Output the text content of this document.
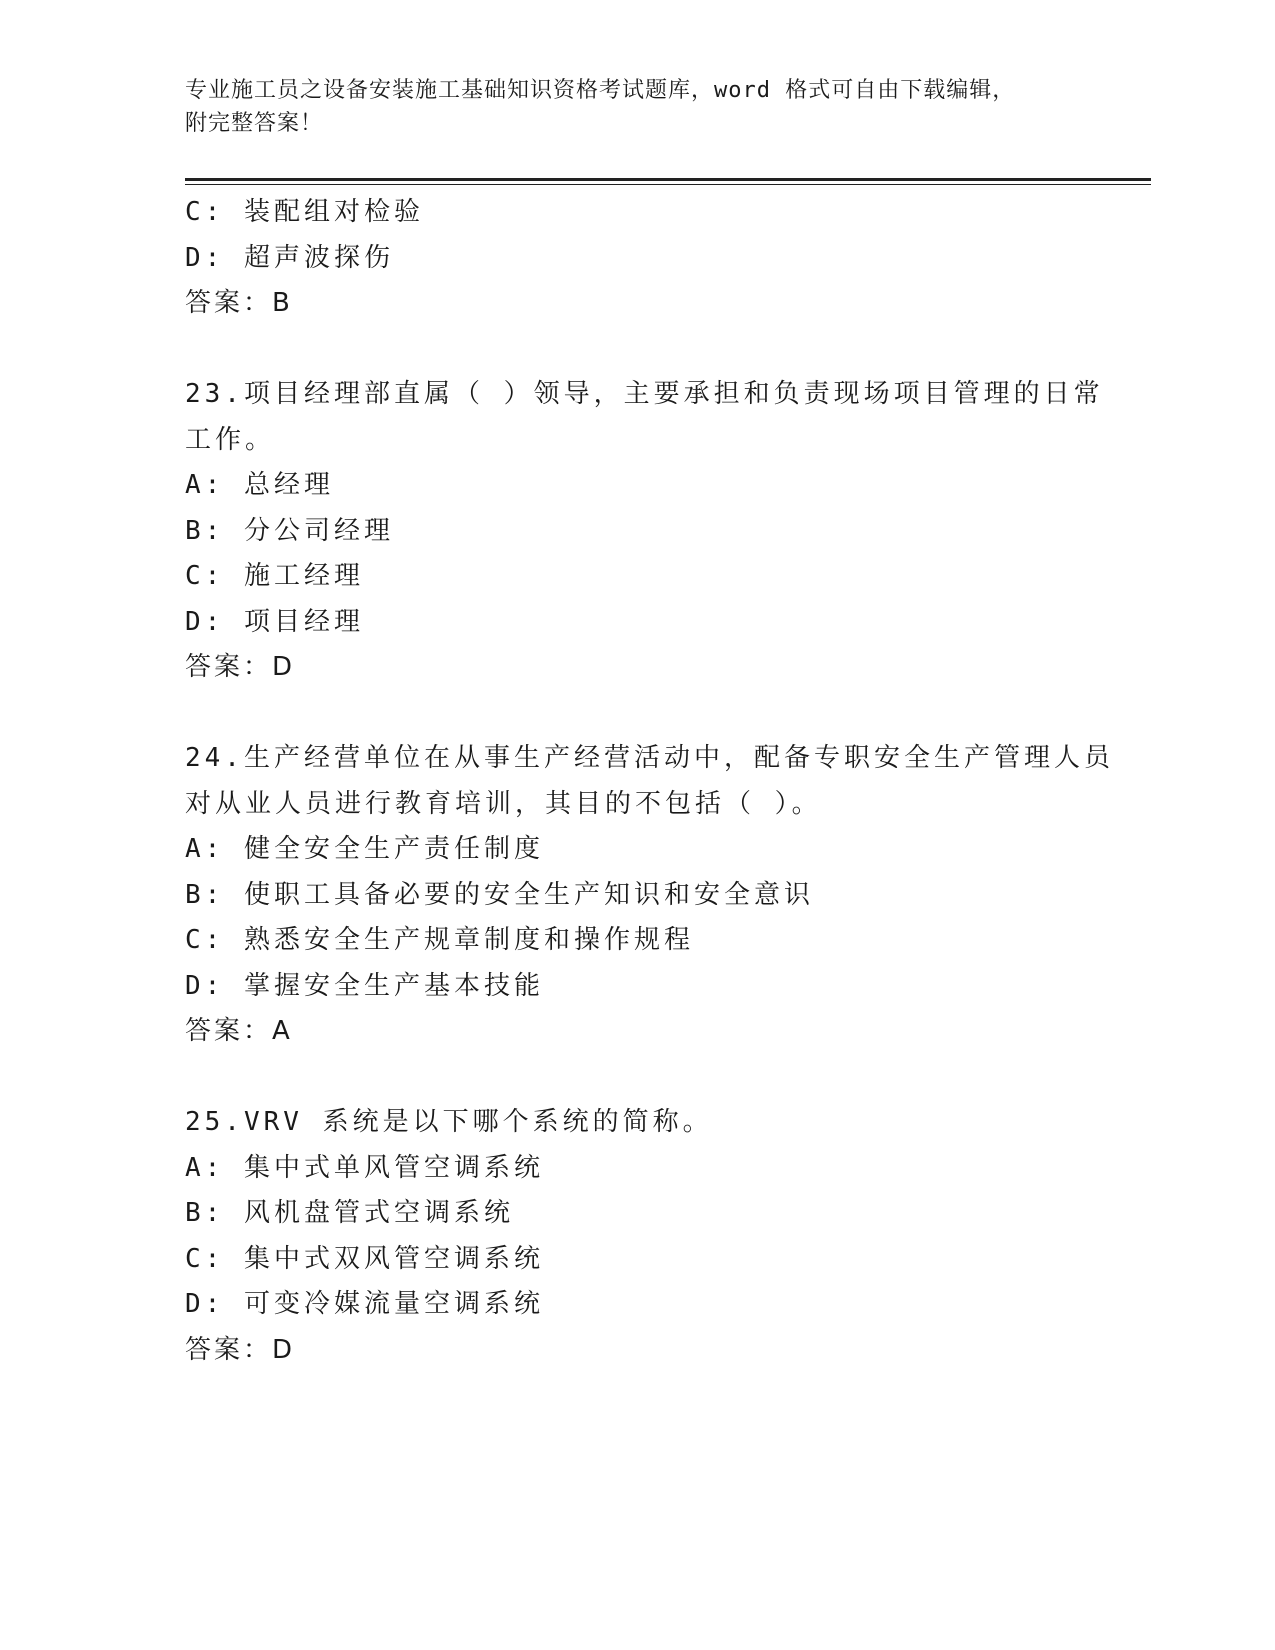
专业施工员之设备安装施工基础知识资格考试题库，word 格式可自由下载编辑，
附完整答案！
C: 装配组对检验
D: 超声波探伤
答案：B
23.项目经理部直属（ ）领导，主要承担和负责现场项目管理的日常
工作。
A: 总经理
B: 分公司经理
C: 施工经理
D: 项目经理
答案：D
24.生产经营单位在从事生产经营活动中，配备专职安全生产管理人员
对从业人员进行教育培训，其目的不包括（ ）。
A: 健全安全生产责任制度
B: 使职工具备必要的安全生产知识和安全意识
C: 熟悉安全生产规章制度和操作规程
D: 掌握安全生产基本技能
答案：A
25.VRV 系统是以下哪个系统的简称。
A: 集中式单风管空调系统
B: 风机盘管式空调系统
C: 集中式双风管空调系统
D: 可变冷媒流量空调系统
答案：D
